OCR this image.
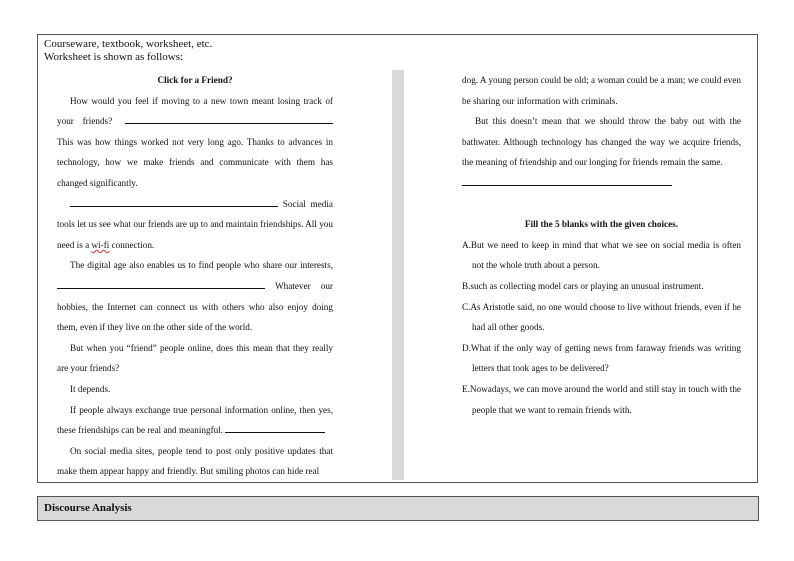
Courseware, textbook, worksheet, etc.
Worksheet is shown as follows:

Click for a Friend?

How would you feel if moving to a new town meant losing track of your friends?  This was how things worked not very long ago. Thanks to advances in technology, how we make friends and communicate with them has changed significantly.

Social media tools let us see what our friends are up to and maintain friendships. All you need is a wi-fi connection.

The digital age also enables us to find people who share our interests,  Whatever our hobbies, the Internet can connect us with others who also enjoy doing them, even if they live on the other side of the world.

But when you “friend” people online, does this mean that they really are your friends?

It depends.

If people always exchange true personal information online, then yes, these friendships can be real and meaningful.

On social media sites, people tend to post only positive updates that make them appear happy and friendly. But smiling photos can hide real

dog. A young person could be old; a woman could be a man; we could even be sharing our information with criminals.

But this doesn’t mean that we should throw the baby out with the bathwater. Although technology has changed the way we acquire friends, the meaning of friendship and our longing for friends remain the same.

Fill the 5 blanks with the given choices.

A.But we need to keep in mind that what we see on social media is often not the whole truth about a person.

B.such as collecting model cars or playing an unusual instrument.

C.As Aristotle said, no one would choose to live without friends, even if he had all other goods.

D.What if the only way of getting news from faraway friends was writing letters that took ages to be delivered?

E.Nowadays, we can move around the world and still stay in touch with the people that we want to remain friends with.

Discourse Analysis
